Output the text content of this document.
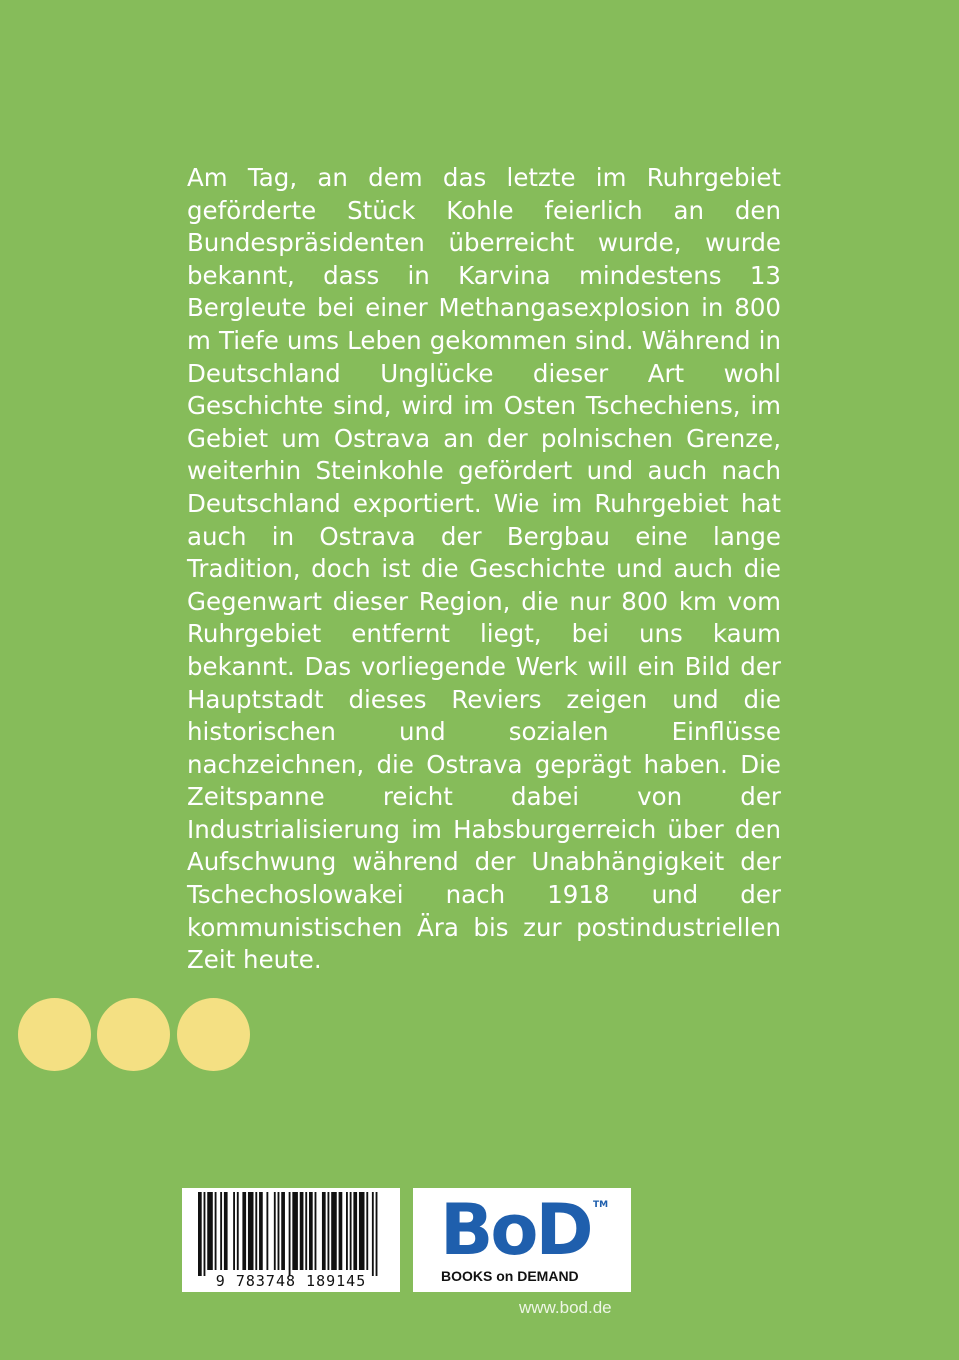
Am Tag, an dem das letzte im Ruhrgebiet geförderte Stück Kohle feierlich an den Bundespräsidenten überreicht wurde, wurde bekannt, dass in Karvina mindestens 13 Bergleute bei einer Methangasexplosion in 800 m Tiefe ums Leben gekommen sind. Während in Deutschland Unglücke dieser Art wohl Geschichte sind, wird im Osten Tschechiens, im Gebiet um Ostrava an der polnischen Grenze, weiterhin Steinkohle gefördert und auch nach Deutschland exportiert. Wie im Ruhrgebiet hat auch in Ostrava der Bergbau eine lange Tradition, doch ist die Geschichte und auch die Gegenwart dieser Region, die nur 800 km vom Ruhrgebiet entfernt liegt, bei uns kaum bekannt. Das vorliegende Werk will ein Bild der Hauptstadt dieses Reviers zeigen und die historischen und sozialen Einflüsse nachzeichnen, die Ostrava geprägt haben. Die Zeitspanne reicht dabei von der Industrialisierung im Habsburgerreich über den Aufschwung während der Unabhängigkeit der Tschechoslowakei nach 1918 und der kommunistischen Ära bis zur postindustriellen Zeit heute.

9 783748 189145
BoD TM
BOOKS on DEMAND
www.bod.de
